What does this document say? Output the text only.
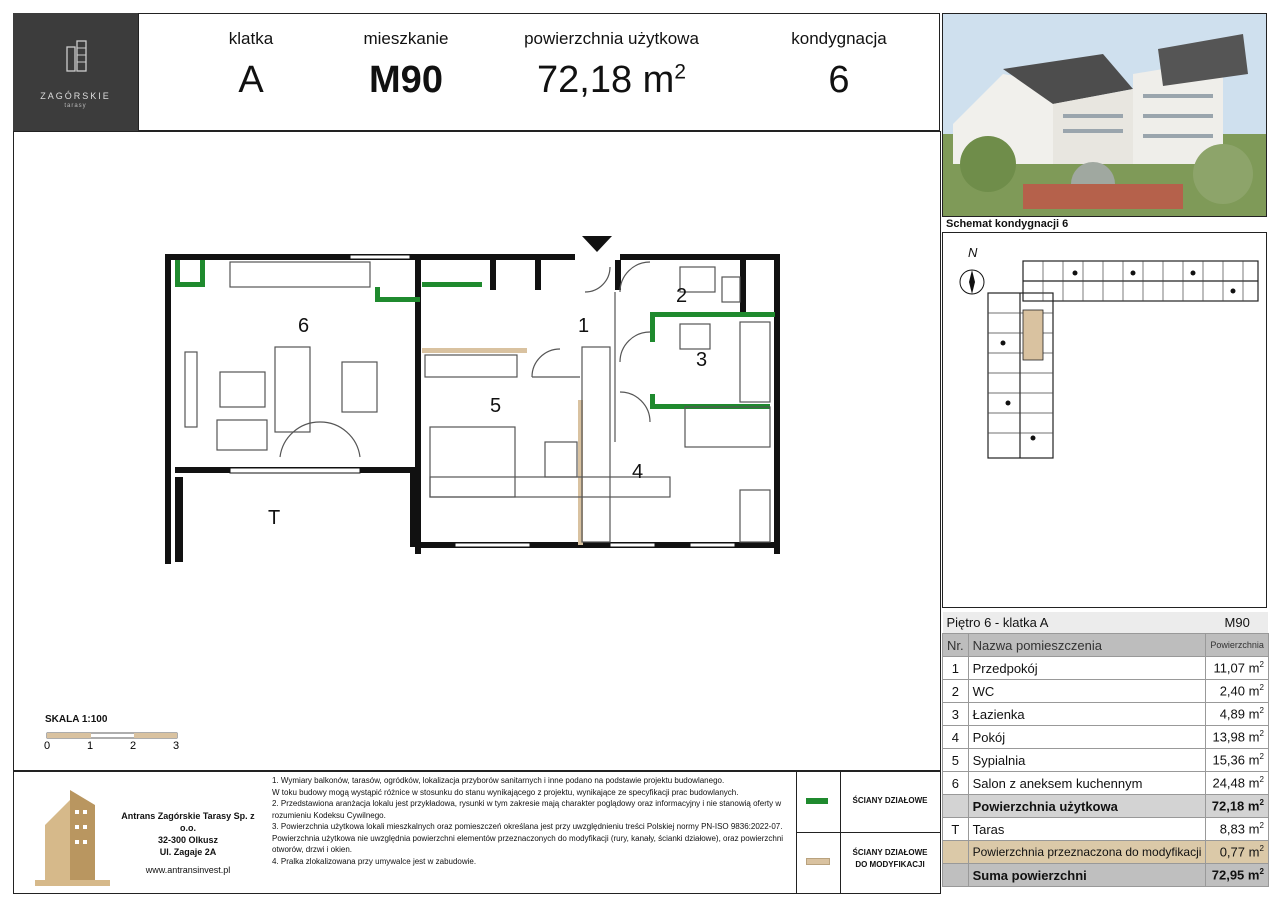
ZAGÓRSKIE
tarasy
klatka
A
mieszkanie
M90
powierzchnia użytkowa
72,18 $m^2$
kondygnacja
6
1
2
3
4
5
6
T
SKALA 1:100
0	1	2	3
Schemat kondygnacji 6
N
Piętro 6 - klatka A		M90
Nr.	Nazwa pomieszczenia	Powierzchnia
1	Przedpokój	11,07 $m^2$
2	WC	2,40 $m^2$
3	Łazienka	4,89 $m^2$
4	Pokój	13,98 $m^2$
5	Sypialnia	15,36 $m^2$
6	Salon z aneksem kuchennym	24,48 $m^2$
	Powierzchnia użytkowa	72,18 $m^2$
T	Taras	8,83 $m^2$
	Powierzchnia przeznaczona do modyfikacji	0,77 $m^2$
	Suma powierzchni	72,95 $m^2$
Antrans Zagórskie Tarasy Sp. z o.o.
32-300 Olkusz
Ul. Zagaje 2A
www.antransinvest.pl
1. Wymiary balkonów, tarasów, ogródków, lokalizacja przyborów sanitarnych i inne podano na podstawie projektu budowlanego.
W toku budowy mogą wystąpić różnice w stosunku do stanu wynikającego z projektu, wynikające ze specyfikacji prac budowlanych.
2. Przedstawiona aranżacja lokalu jest przykładowa, rysunki w tym zakresie mają charakter poglądowy oraz informacyjny i nie stanowią oferty w
rozumieniu Kodeksu Cywilnego.
3. Powierzchnia użytkowa lokali mieszkalnych oraz pomieszczeń określana jest przy uwzględnieniu treści Polskiej normy PN-ISO 9836:2022-07.
Powierzchnia użytkowa nie uwzględnia powierzchni elementów przeznaczonych do modyfikacji (rury, kanały, ścianki działowe), oraz powierzchni
otworów, drzwi i okien.
4. Pralka zlokalizowana przy umywalce jest w zabudowie.
ŚCIANY DZIAŁOWE
ŚCIANY DZIAŁOWE
DO MODYFIKACJI
